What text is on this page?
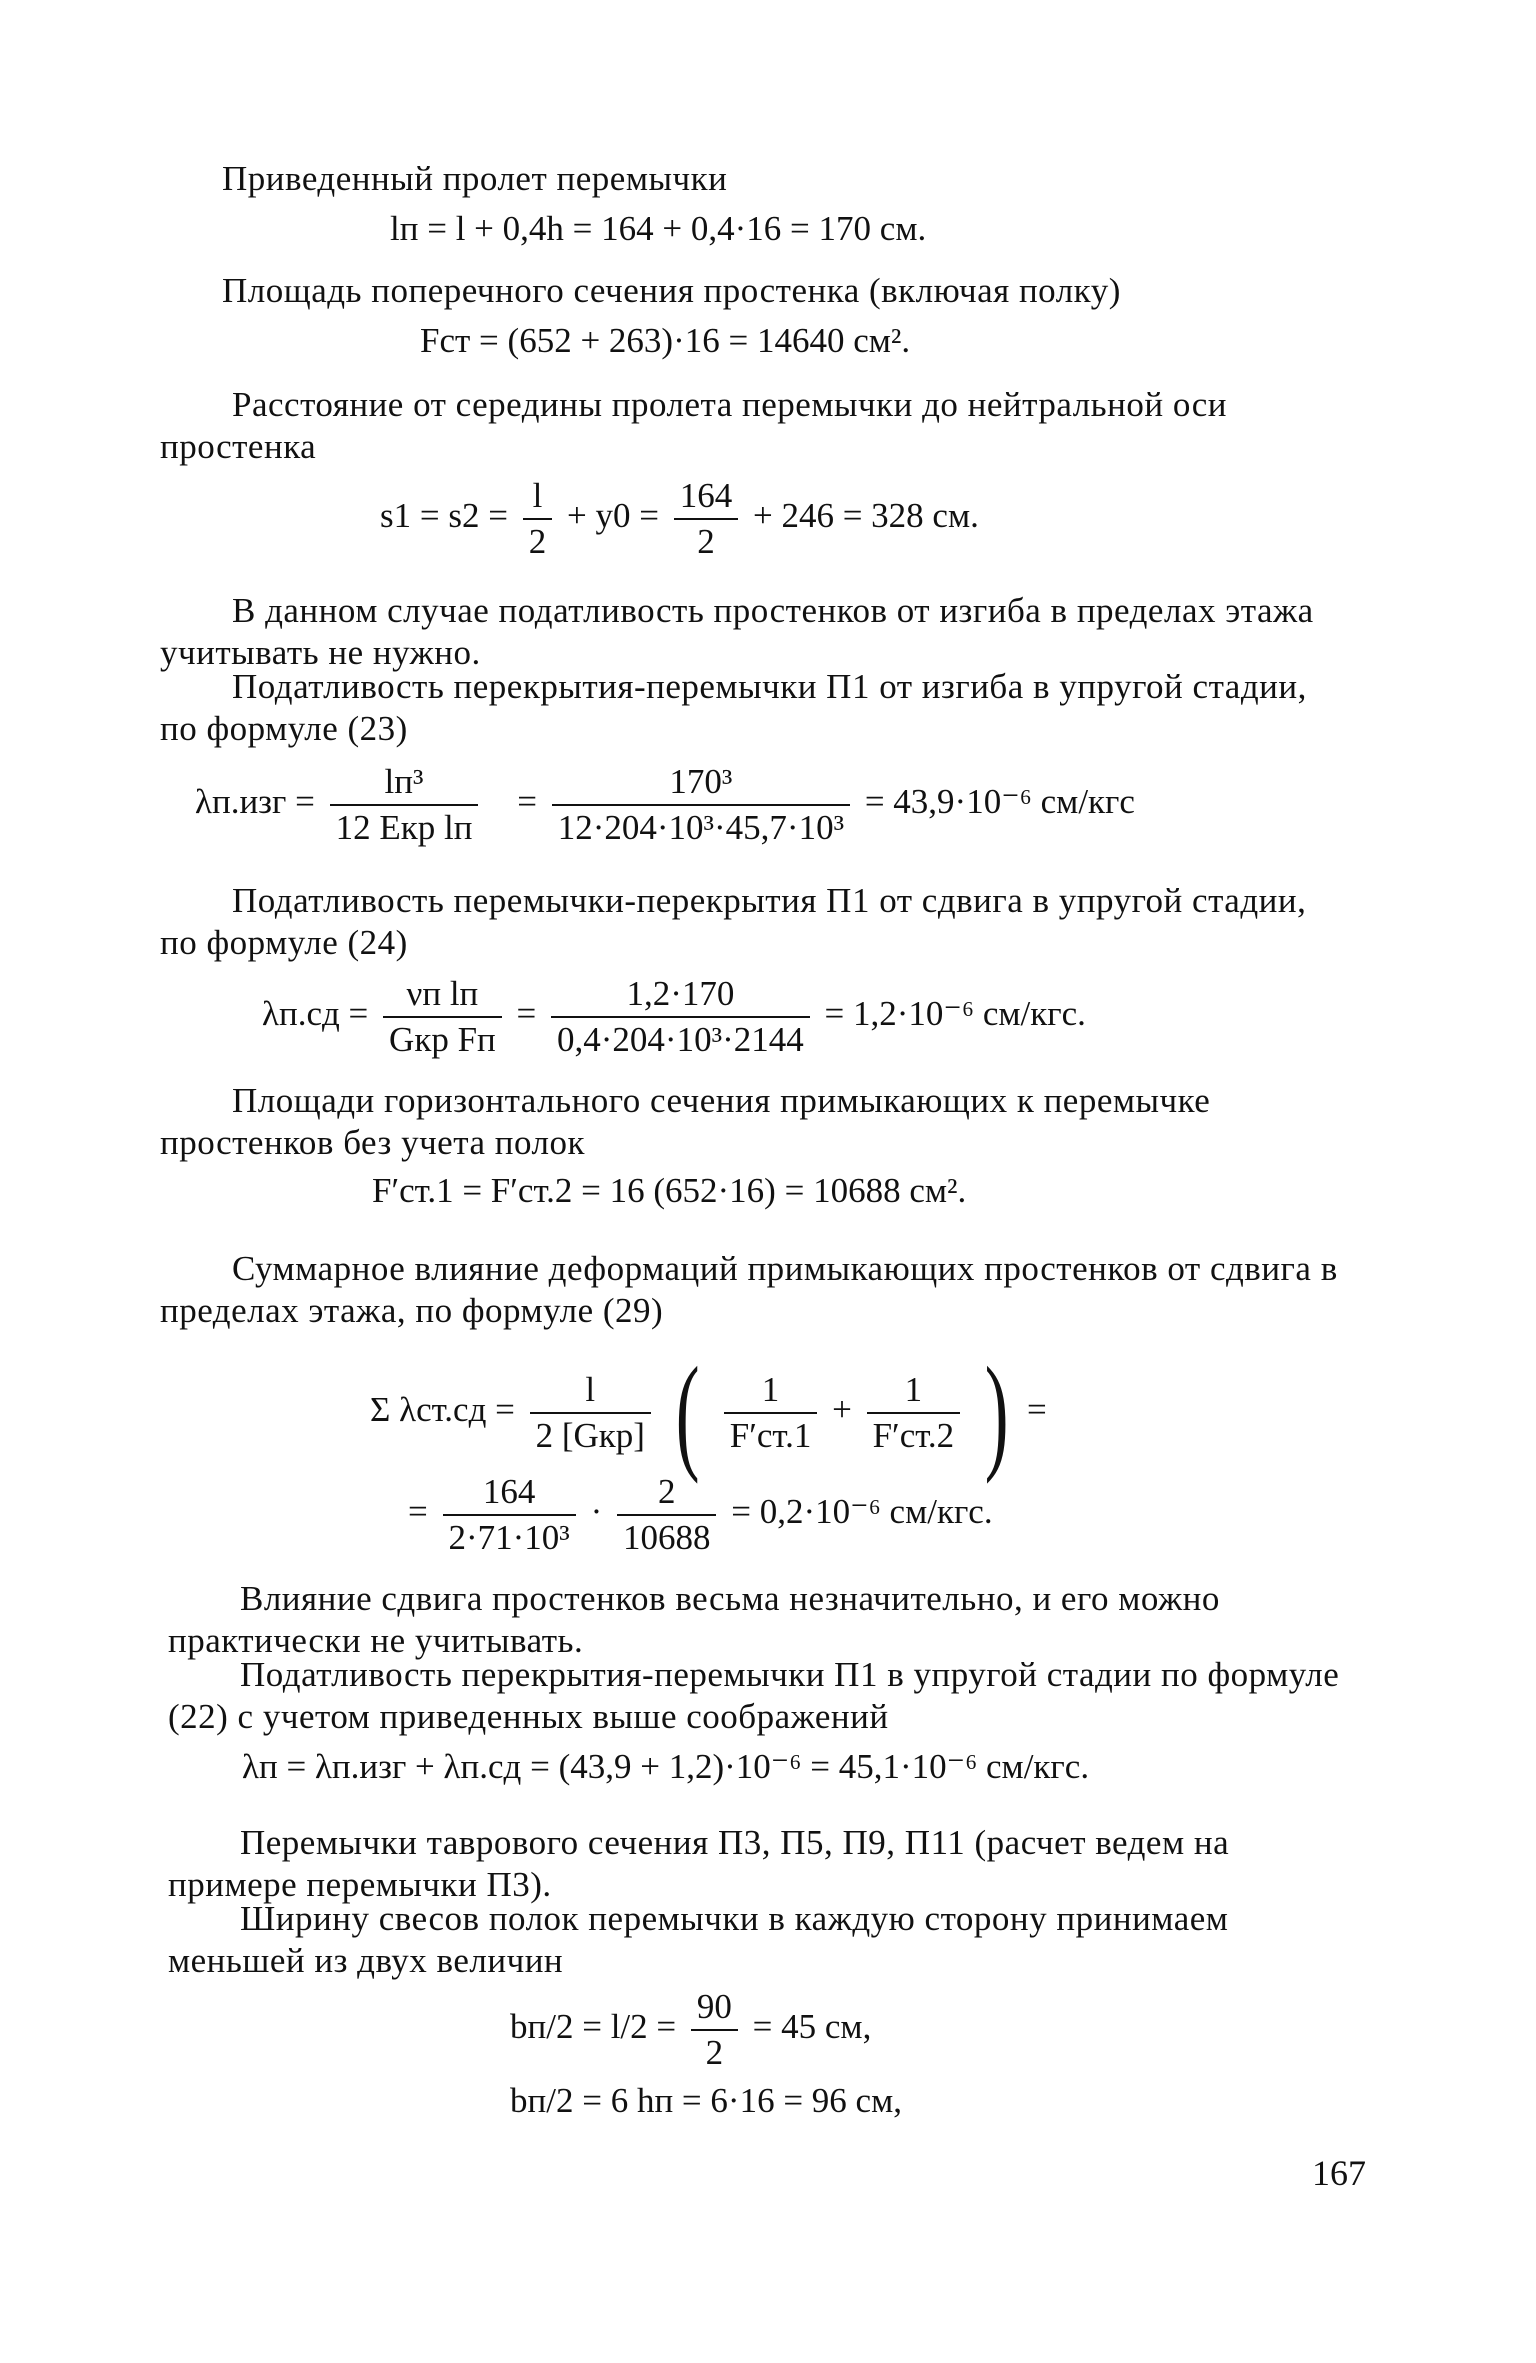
Приведенный пролет перемычки
lп = l + 0,4h = 164 + 0,4·16 = 170 см.
Площадь поперечного сечения простенка (включая полку)
Fст = (652 + 263)·16 = 14640 см².
Расстояние от середины пролета перемычки до нейтральной оси простенка
$s1 = s2 = \frac{l}{2} + y0 = \frac{164}{2} + 246 = 328$ см.
В данном случае податливость простенков от изгиба в пределах этажа учитывать не нужно.
Податливость перекрытия-перемычки П1 от изгиба в упругой стадии, по формуле (23)
$\lambda п.изг = \frac{\text{lп³}}{\text{12 Eкр lп}} = \frac{\text{170³}}{\text{12·204·10³·45,7·10³}} = 43,9\cdot 10^{-6}$ см/кгс
Податливость перемычки-перекрытия П1 от сдвига в упругой стадии, по формуле (24)
$\lambda п.сд = \frac{\text{νп lп}}{\text{Gкр Fп}} = \frac{1,2\cdot 170}{\text{0,4·204·10³·2144}} = 1,2\cdot 10^{-6}$ см/кгс.
Площади горизонтального сечения примыкающих к перемычке простенков без учета полок
F′ст.1 = F′ст.2 = 16 (652·16) = 10688 см².
Суммарное влияние деформаций примыкающих простенков от сдвига в пределах этажа, по формуле (29)
Σ $\lambda ст.сд = \frac{l}{\text{2 [Gкр]}}$ ( $\frac{1}{F'ст.1} + \frac{1}{F'ст.2}$ ) =
= $\frac{164}{\text{2·71·10³}} \cdot \frac{2}{10688} = 0,2\cdot 10^{-6}$ см/кгс.
Влияние сдвига простенков весьма незначительно, и его можно практически не учитывать.
Податливость перекрытия-перемычки П1 в упругой стадии по формуле (22) с учетом приведенных выше соображений
λп = λп.изг + λп.сд = (43,9 + 1,2)·10⁻⁶ = 45,1·10⁻⁶ см/кгс.
Перемычки таврового сечения П3, П5, П9, П11 (расчет ведем на примере перемычки П3).
Ширину свесов полок перемычки в каждую сторону принимаем меньшей из двух величин
$bп/2 = l/2 = \frac{90}{2} = 45$ см,
bп/2 = 6 hп = 6·16 = 96 см,
167
